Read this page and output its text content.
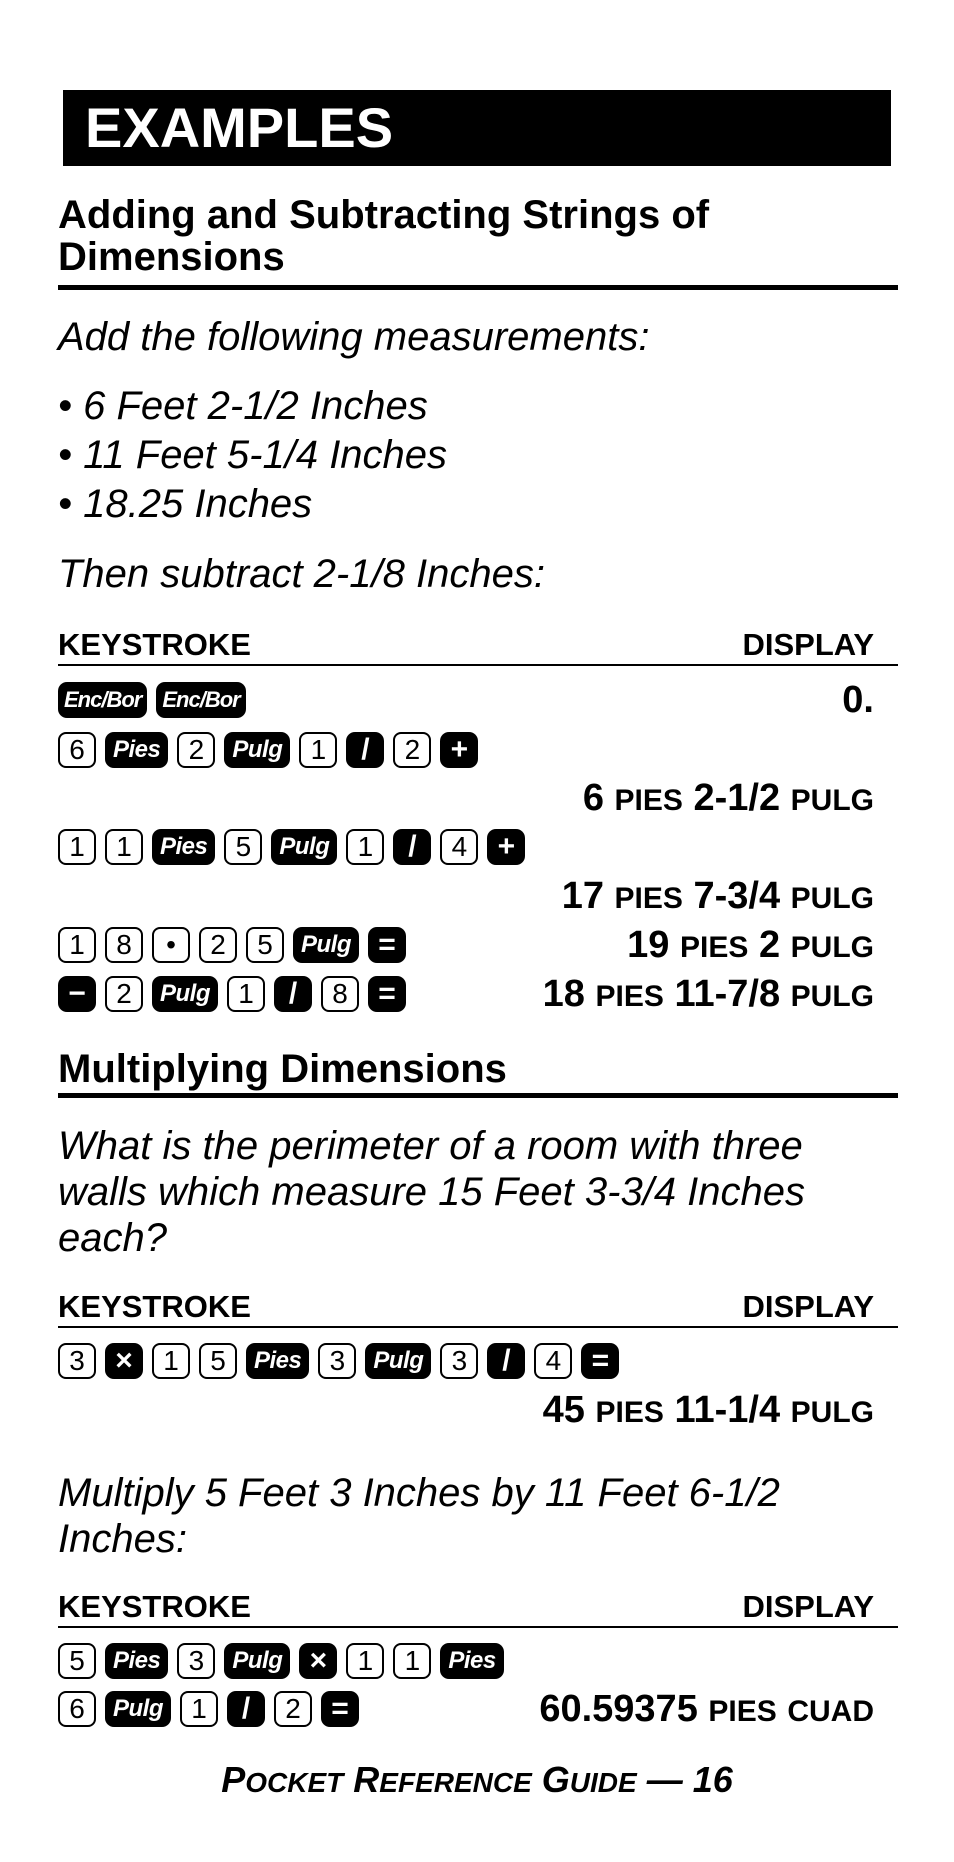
EXAMPLES
Adding and Subtracting Strings of Dimensions
Add the following measurements:
• 6 Feet 2-1/2 Inches
• 11 Feet 5-1/4 Inches
• 18.25 Inches
Then subtract 2-1/8 Inches:
KEYSTROKE	DISPLAY
Enc/Bor Enc/Bor	0.
6	Pies	2	Pulg	1	/	2	+
6 PIES 2-1/2 PULG
1	1	Pies	5	Pulg	1	/	4	+
17 PIES 7-3/4 PULG
1	8	•	2	5	Pulg =	19 PIES 2 PULG
−	2	Pulg	1	/	8	=	18 PIES 11-7/8 PULG
Multiplying Dimensions
What is the perimeter of a room with three walls which measure 15 Feet 3-3/4 Inches each?
KEYSTROKE	DISPLAY
3	×	1	5	Pies	3	Pulg	3	/	4	=
45 PIES 11-1/4 PULG
Multiply 5 Feet 3 Inches by 11 Feet 6-1/2 Inches:
KEYSTROKE	DISPLAY
5	Pies	3	Pulg ×	1	1	Pies
6	Pulg	1	/	2	=	60.59375 PIES CUAD
POCKET REFERENCE GUIDE — 16
